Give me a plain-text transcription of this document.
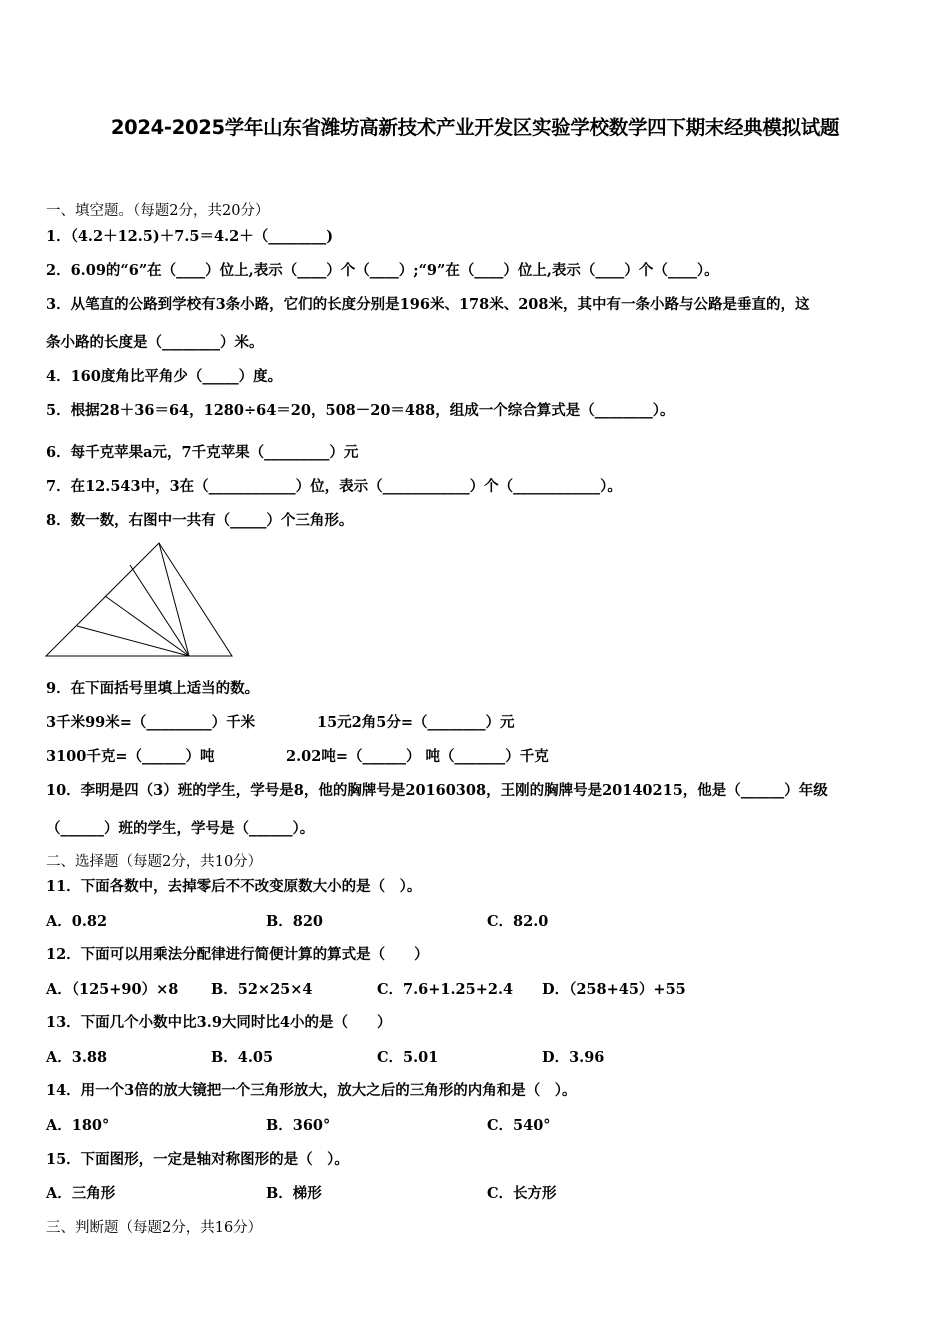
2024-2025学年山东省潍坊高新技术产业开发区实验学校数学四下期末经典模拟试题
一、填空题。（每题2分，共20分）
1．（4.2＋12.5)＋7.5＝4.2＋（________)
2．6.09的“6”在（____）位上,表示（____）个（____）;“9”在（____）位上,表示（____）个（____）。
3．从笔直的公路到学校有3条小路，它们的长度分别是196米、178米、208米，其中有一条小路与公路是垂直的，这
条小路的长度是（________）米。
4．160度角比平角少（_____）度。
5．根据28＋36＝64，1280÷64＝20，508－20＝488，组成一个综合算式是（________）。
6．每千克苹果a元，7千克苹果（_________）元
7．在12.543中，3在（____________）位，表示（____________）个（____________）。
8．数一数，右图中一共有（_____）个三角形。
9．在下面括号里填上适当的数。
3千米99米=（_________）千米	15元2角5分=（________）元
3100千克=（______）吨	2.02吨=（______） 吨（_______）千克
10．李明是四（3）班的学生，学号是8，他的胸牌号是20160308，王刚的胸牌号是20140215，他是（______）年级
（______）班的学生，学号是（______）。
二、选择题（每题2分，共10分）
11．下面各数中，去掉零后不不改变原数大小的是（　）。
A．0.82	B．820	C．82.0
12．下面可以用乘法分配律进行简便计算的算式是（　　）
A．（125+90）×8 B．52×25×4	C．7.6+1.25+2.4 D．（258+45）+55
13．下面几个小数中比3.9大同时比4小的是（　　）
A．3.88	B．4.05	C．5.01	D．3.96
14．用一个3倍的放大镜把一个三角形放大，放大之后的三角形的内角和是（　）。
A．180°	B．360°	C．540°
15．下面图形，一定是轴对称图形的是（　）。
A．三角形	B．梯形	C．长方形
三、判断题（每题2分，共16分）
